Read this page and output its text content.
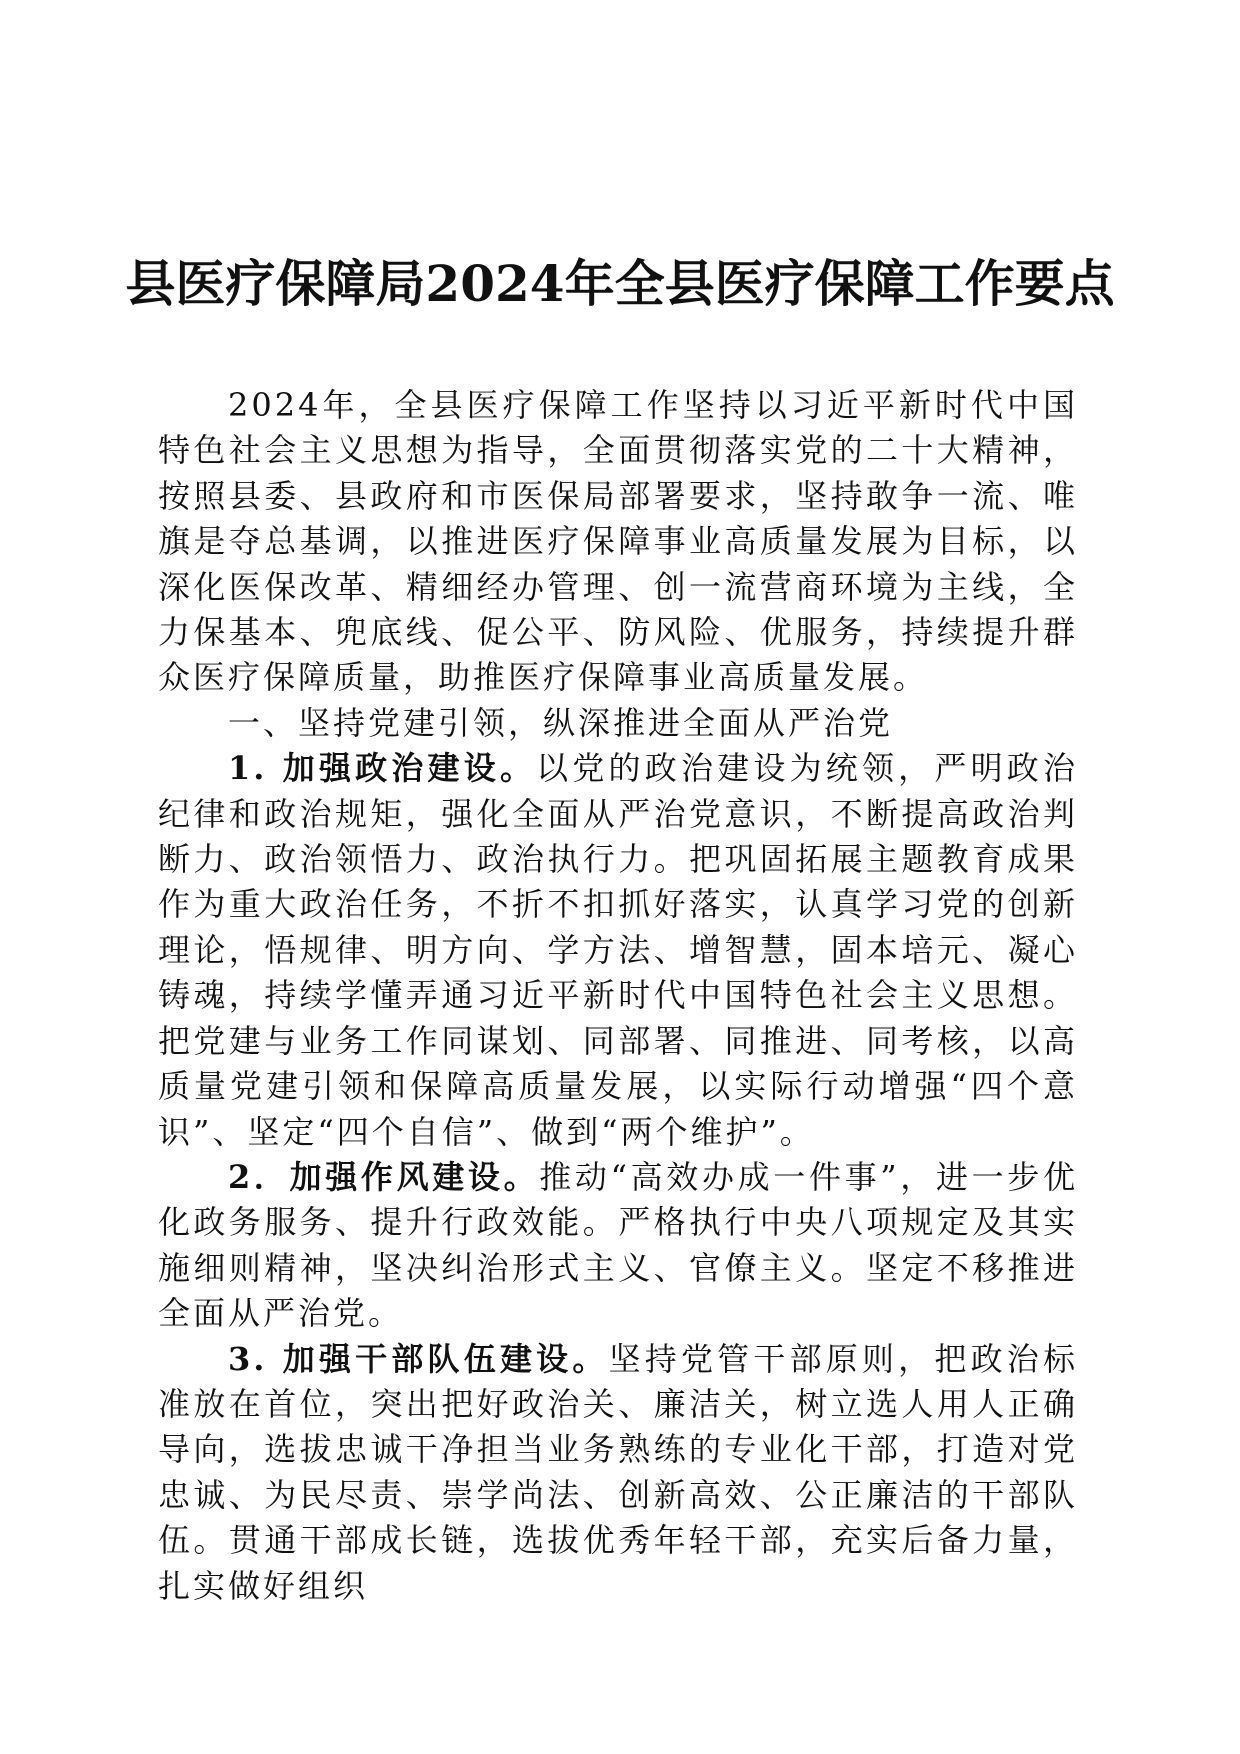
县医疗保障局2024年全县医疗保障工作要点

2024年，全县医疗保障工作坚持以习近平新时代中国特色社会主义思想为指导，全面贯彻落实党的二十大精神，按照县委、县政府和市医保局部署要求，坚持敢争一流、唯旗是夺总基调，以推进医疗保障事业高质量发展为目标，以深化医保改革、精细经办管理、创一流营商环境为主线，全力保基本、兜底线、促公平、防风险、优服务，持续提升群众医疗保障质量，助推医疗保障事业高质量发展。

一、坚持党建引领，纵深推进全面从严治党

1. 加强政治建设。以党的政治建设为统领，严明政治纪律和政治规矩，强化全面从严治党意识，不断提高政治判断力、政治领悟力、政治执行力。把巩固拓展主题教育成果作为重大政治任务，不折不扣抓好落实，认真学习党的创新理论，悟规律、明方向、学方法、增智慧，固本培元、凝心铸魂，持续学懂弄通习近平新时代中国特色社会主义思想。把党建与业务工作同谋划、同部署、同推进、同考核，以高质量党建引领和保障高质量发展，以实际行动增强“四个意识”、坚定“四个自信”、做到“两个维护”。

2．加强作风建设。推动“高效办成一件事”，进一步优化政务服务、提升行政效能。严格执行中央八项规定及其实施细则精神，坚决纠治形式主义、官僚主义。坚定不移推进全面从严治党。

3. 加强干部队伍建设。坚持党管干部原则，把政治标准放在首位，突出把好政治关、廉洁关，树立选人用人正确导向，选拔忠诚干净担当业务熟练的专业化干部，打造对党忠诚、为民尽责、崇学尚法、创新高效、公正廉洁的干部队伍。贯通干部成长链，选拔优秀年轻干部，充实后备力量，扎实做好组织
